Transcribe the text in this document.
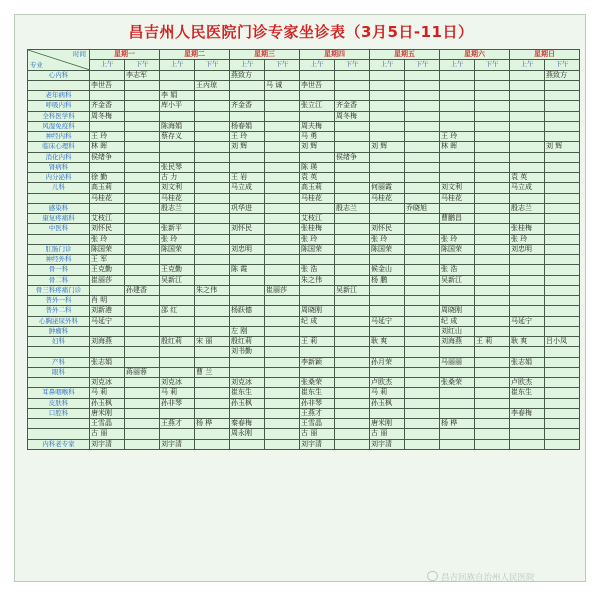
昌吉州人民医院门诊专家坐诊表（3月5日-11日）
时间
专业	星期一		星期二		星期三		星期四		星期五		星期六		星期日	
	上午	下午	上午	下午	上午	下午	上午	下午	上午	下午	上午	下午	上午	下午
心内科		李志军			燕致方									燕致方
	李世吾			王丙琼		马 诚	李世吾							
老年病科			李 娟											
呼吸内科	齐金香		库小平		齐金香		张立江	齐金香						
全科医学科	周冬梅							周冬梅						
风湿免疫科			陈海娟		杨春娟		周夫梅							
神经内科	王 玲		蔡存义		王 玲		马 勇				王 玲			
临床心理科	林 晖				刘 辉		刘 辉		刘 辉		林 晖			刘 辉
消化内科	侯绪争							侯绪争						
肾病科			张民琴				陈 瑛							
内分泌科	徐 勤		古 力		王 岩		袁 英						袁 英	
儿科	高玉莉		刘文利		马立成		高玉莉		何丽霞		刘文利		马立成	
	马桂花		马桂花				马桂花		马桂花		马桂花			
感染科			殷志兰		巩华进			殷志兰		乔晓旭			殷志兰	
康复疼痛科	艾枝江						艾枝江				曹鹏昌			
中医科	刘怀民		张新平		刘怀民		张桂梅		刘怀民				张桂梅	
	张 玲		张 玲				张 玲		张 玲		张 玲		张 玲	
肛肠门诊	陈国荣		陈国荣		刘忠明		陈国荣		陈国荣		陈国荣		刘忠明	
神经外科	王 军													
骨一科	王克勤		王克勤		陈 霞		张 浩		候金山		张 浩			
骨二科	崔丽莎		吴新江				朱之伟		杨 鹏		吴新江			
骨三科疼痛门诊		孙建香		朱之伟		崔丽莎		吴新江						
普外一科	肖 明													
普外二科	刘新港		邵 红		杨跃德		周晓刚				周晓刚			
心胸泌尿外科	马延宁						纪 成		马延宁		纪 成		马延宁	
肿瘤科					左 刚						刘红山			
妇科	刘海燕		殷红莉	宋 丽	殷红莉		王 莉		耿 爽		刘海燕	王 莉	耿 爽	吕小凤
					刘书勤									
产科	张志娟						李新颖		孙月荣		马丽丽		张志娟	
眼科		蒋丽蓉		曹 兰										
	刘克冰		刘克冰		刘克冰		张桑荣		卢欧杰		张桑荣		卢欧杰	
耳鼻咽喉科	马 莉		马 莉		崔东生		崔东生		马 莉				崔东生	
皮肤科	孙玉枫		孙非琴		孙玉枫		孙非琴		孙玉枫					
口腔科	唐米刚						王燕才						李春梅	
	王雪晶		王燕才	杨 桦	秦春梅		王雪晶		唐米刚		杨 桦			
	古 丽				周永刚		古 丽		古 丽					
内科老专家	刘宇清		刘宇清				刘宇清		刘宇清					
昌吉回族自治州人民医院
